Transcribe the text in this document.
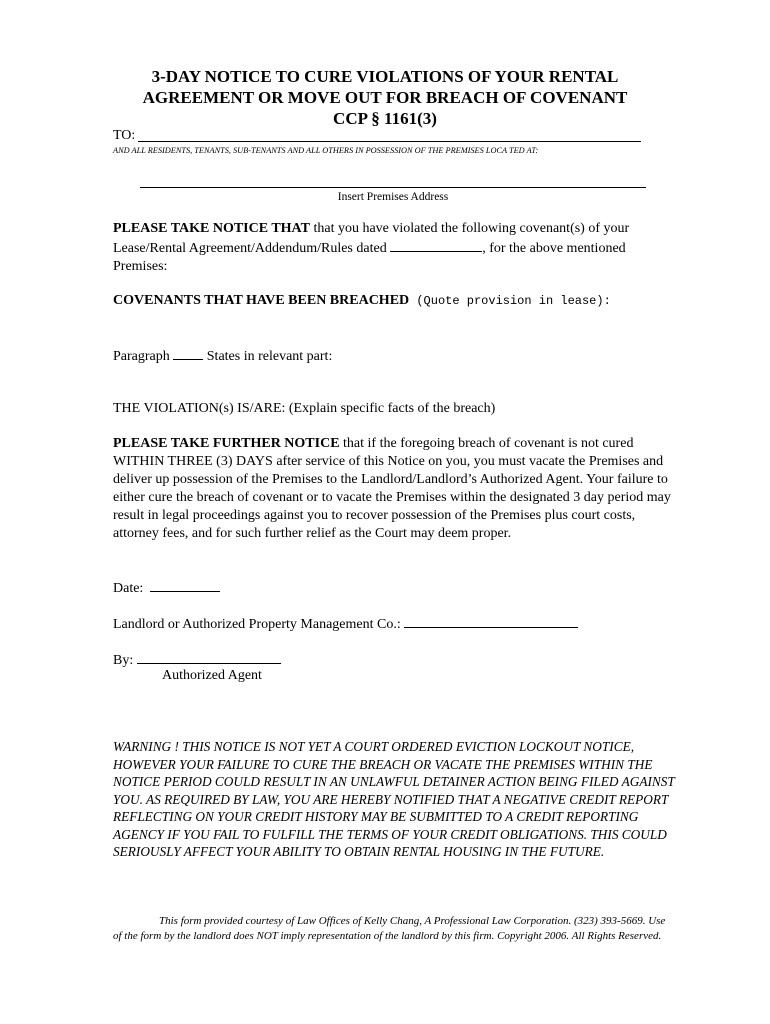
3-DAY NOTICE TO CURE VIOLATIONS OF YOUR RENTAL
AGREEMENT OR MOVE OUT FOR BREACH OF COVENANT
CCP § 1161(3)
TO:
AND ALL RESIDENTS, TENANTS, SUB-TENANTS AND ALL OTHERS IN POSSESSION OF THE PREMISES LOCA TED AT:
Insert Premises Address
PLEASE TAKE NOTICE THAT that you have violated the following covenant(s) of your Lease/Rental Agreement/Addendum/Rules dated	, for the above mentioned Premises:
COVENANTS THAT HAVE BEEN BREACHED (Quote provision in lease):
Paragraph  States in relevant part:
THE VIOLATION(s) IS/ARE: (Explain specific facts of the breach)
PLEASE TAKE FURTHER NOTICE that if the foregoing breach of covenant is not cured WITHIN THREE (3) DAYS after service of this Notice on you, you must vacate the Premises and deliver up possession of the Premises to the Landlord/Landlord’s Authorized Agent. Your failure to either cure the breach of covenant or to vacate the Premises within the designated 3 day period may result in legal proceedings against you to recover possession of the Premises plus court costs, attorney fees, and for such further relief as the Court may deem proper.
Date:
Landlord or Authorized Property Management Co.:
By:
Authorized Agent
WARNING ! THIS NOTICE IS NOT YET A COURT ORDERED EVICTION LOCKOUT NOTICE, HOWEVER YOUR FAILURE TO CURE THE BREACH OR VACATE THE PREMISES WITHIN THE NOTICE PERIOD COULD RESULT IN AN UNLAWFUL DETAINER ACTION BEING FILED AGAINST YOU. AS REQUIRED BY LAW, YOU ARE HEREBY NOTIFIED THAT A NEGATIVE CREDIT REPORT REFLECTING ON YOUR CREDIT HISTORY MAY BE SUBMITTED TO A CREDIT REPORTING AGENCY IF YOU FAIL TO FULFILL THE TERMS OF YOUR CREDIT OBLIGATIONS. THIS COULD SERIOUSLY AFFECT YOUR ABILITY TO OBTAIN RENTAL HOUSING IN THE FUTURE.
This form provided courtesy of Law Offices of Kelly Chang, A Professional Law Corporation. (323) 393-5669. Use of the form by the landlord does NOT imply representation of the landlord by this firm. Copyright 2006. All Rights Reserved.
